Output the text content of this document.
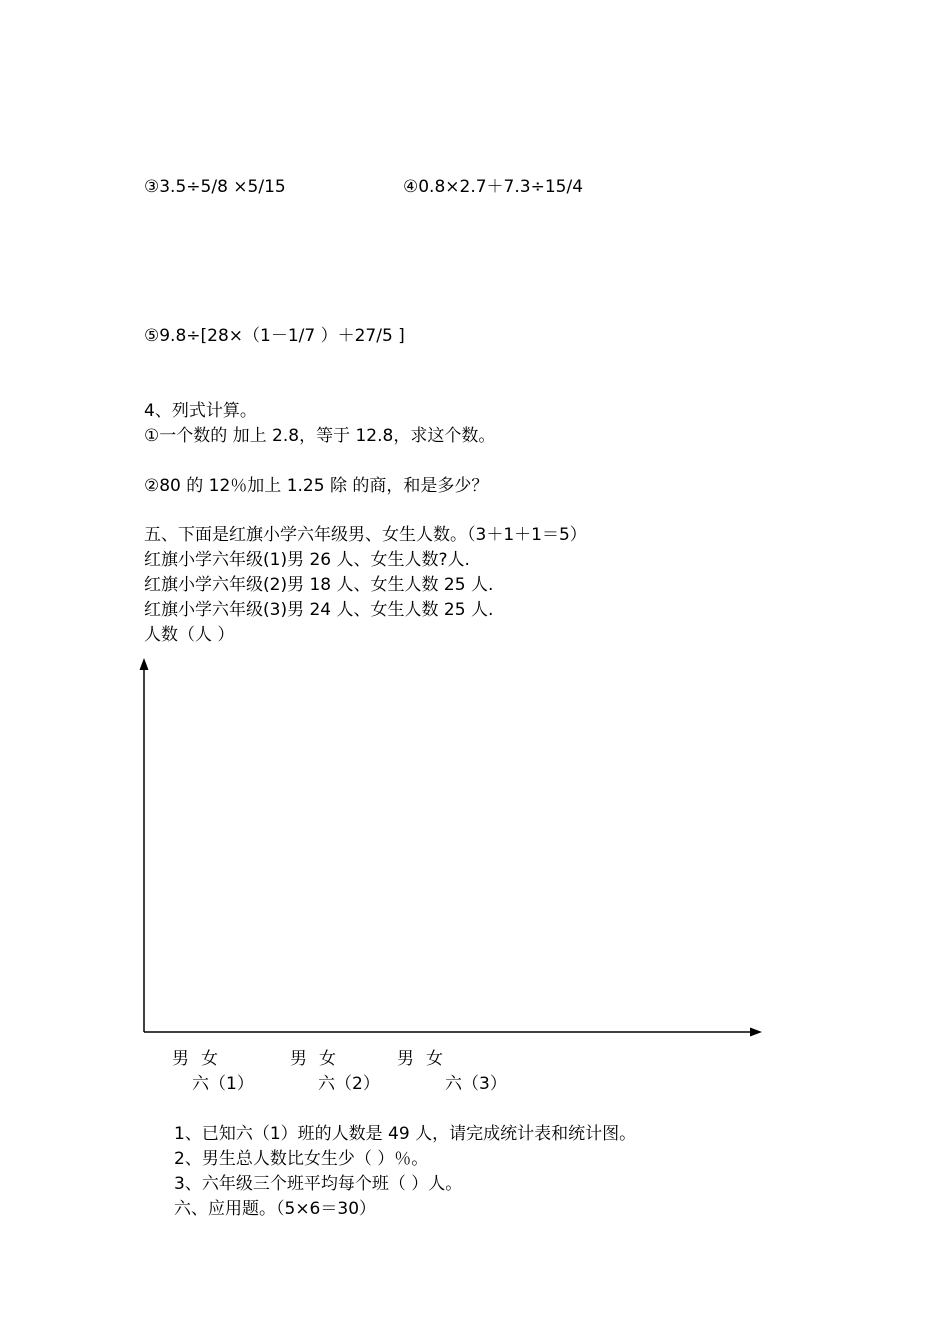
③3.5÷5/8 ×5/15	④0.8×2.7＋7.3÷15/4
⑤9.8÷[28×（1－1/7 ）＋27/5 ]
4、列式计算。
①一个数的 加上 2.8，等于 12.8，求这个数。
②80 的 12％加上 1.25 除 的商，和是多少？
五、下面是红旗小学六年级男、女生人数。（3＋1＋1＝5）
红旗小学六年级(1)男 26 人、女生人数?人.
红旗小学六年级(2)男 18 人、女生人数 25 人.
红旗小学六年级(3)男 24 人、女生人数 25 人.
人数（人 ）
男 女	男 女	男 女
六（1）	六（2）	六（3）
1、已知六（1）班的人数是 49 人，请完成统计表和统计图。
2、男生总人数比女生少（ ）％。
3、六年级三个班平均每个班（ ）人。
六、应用题。（5×6＝30）
